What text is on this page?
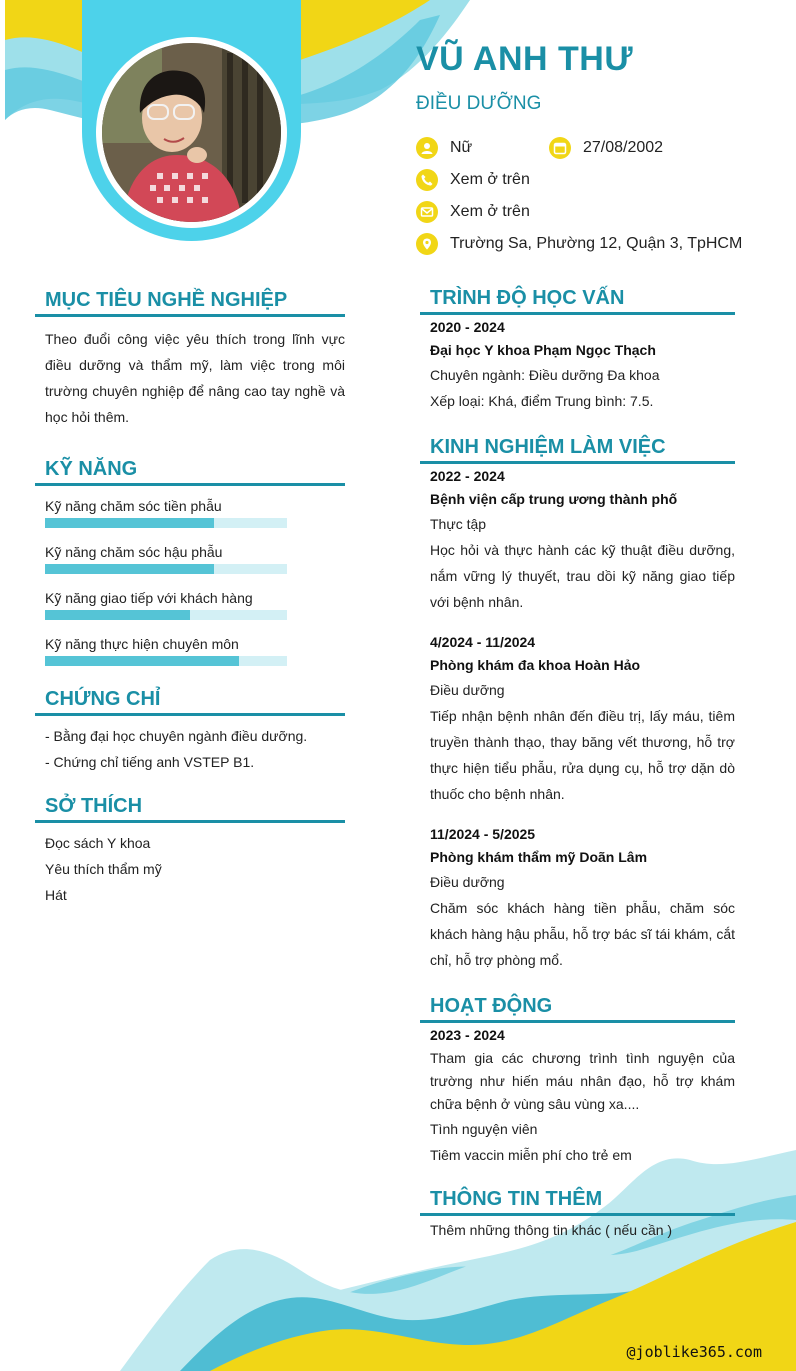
VŨ ANH THƯ
ĐIỀU DƯỠNG
Nữ	27/08/2002
Xem ở trên
Xem ở trên
Trường Sa, Phường 12, Quận 3, TpHCM
MỤC TIÊU NGHỀ NGHIỆP
Theo đuổi công việc yêu thích trong lĩnh vực điều dưỡng và thẩm mỹ, làm việc trong môi trường chuyên nghiệp để nâng cao tay nghề và học hỏi thêm.
KỸ NĂNG
Kỹ năng chăm sóc tiền phẫu
Kỹ năng chăm sóc hậu phẫu
Kỹ năng giao tiếp với khách hàng
Kỹ năng thực hiện chuyên môn
CHỨNG CHỈ
- Bằng đại học chuyên ngành điều dưỡng.
- Chứng chỉ tiếng anh VSTEP B1.
SỞ THÍCH
Đọc sách Y khoa
Yêu thích thẩm mỹ
Hát
TRÌNH ĐỘ HỌC VẤN
2020 - 2024
Đại học Y khoa Phạm Ngọc Thạch
Chuyên ngành: Điều dưỡng Đa khoa
Xếp loại: Khá, điểm Trung bình: 7.5.
KINH NGHIỆM LÀM VIỆC
2022 - 2024
Bệnh viện cấp trung ương thành phố
Thực tập
Học hỏi và thực hành các kỹ thuật điều dưỡng, nắm vững lý thuyết, trau dồi kỹ năng giao tiếp với bệnh nhân.
4/2024 - 11/2024
Phòng khám đa khoa Hoàn Hảo
Điều dưỡng
Tiếp nhận bệnh nhân đến điều trị, lấy máu, tiêm truyền thành thạo, thay băng vết thương, hỗ trợ thực hiện tiểu phẫu, rửa dụng cụ, hỗ trợ dặn dò thuốc cho bệnh nhân.
11/2024 - 5/2025
Phòng khám thẩm mỹ Doãn Lâm
Điều dưỡng
Chăm sóc khách hàng tiền phẫu, chăm sóc khách hàng hậu phẫu, hỗ trợ bác sĩ tái khám, cắt chỉ, hỗ trợ phòng mổ.
HOẠT ĐỘNG
2023 - 2024
Tham gia các chương trình tình nguyện của trường như hiến máu nhân đạo, hỗ trợ khám chữa bệnh ở vùng sâu vùng xa....
Tình nguyện viên
Tiêm vaccin miễn phí cho trẻ em
THÔNG TIN THÊM
Thêm những thông tin khác ( nếu cần )
@joblike365.com
